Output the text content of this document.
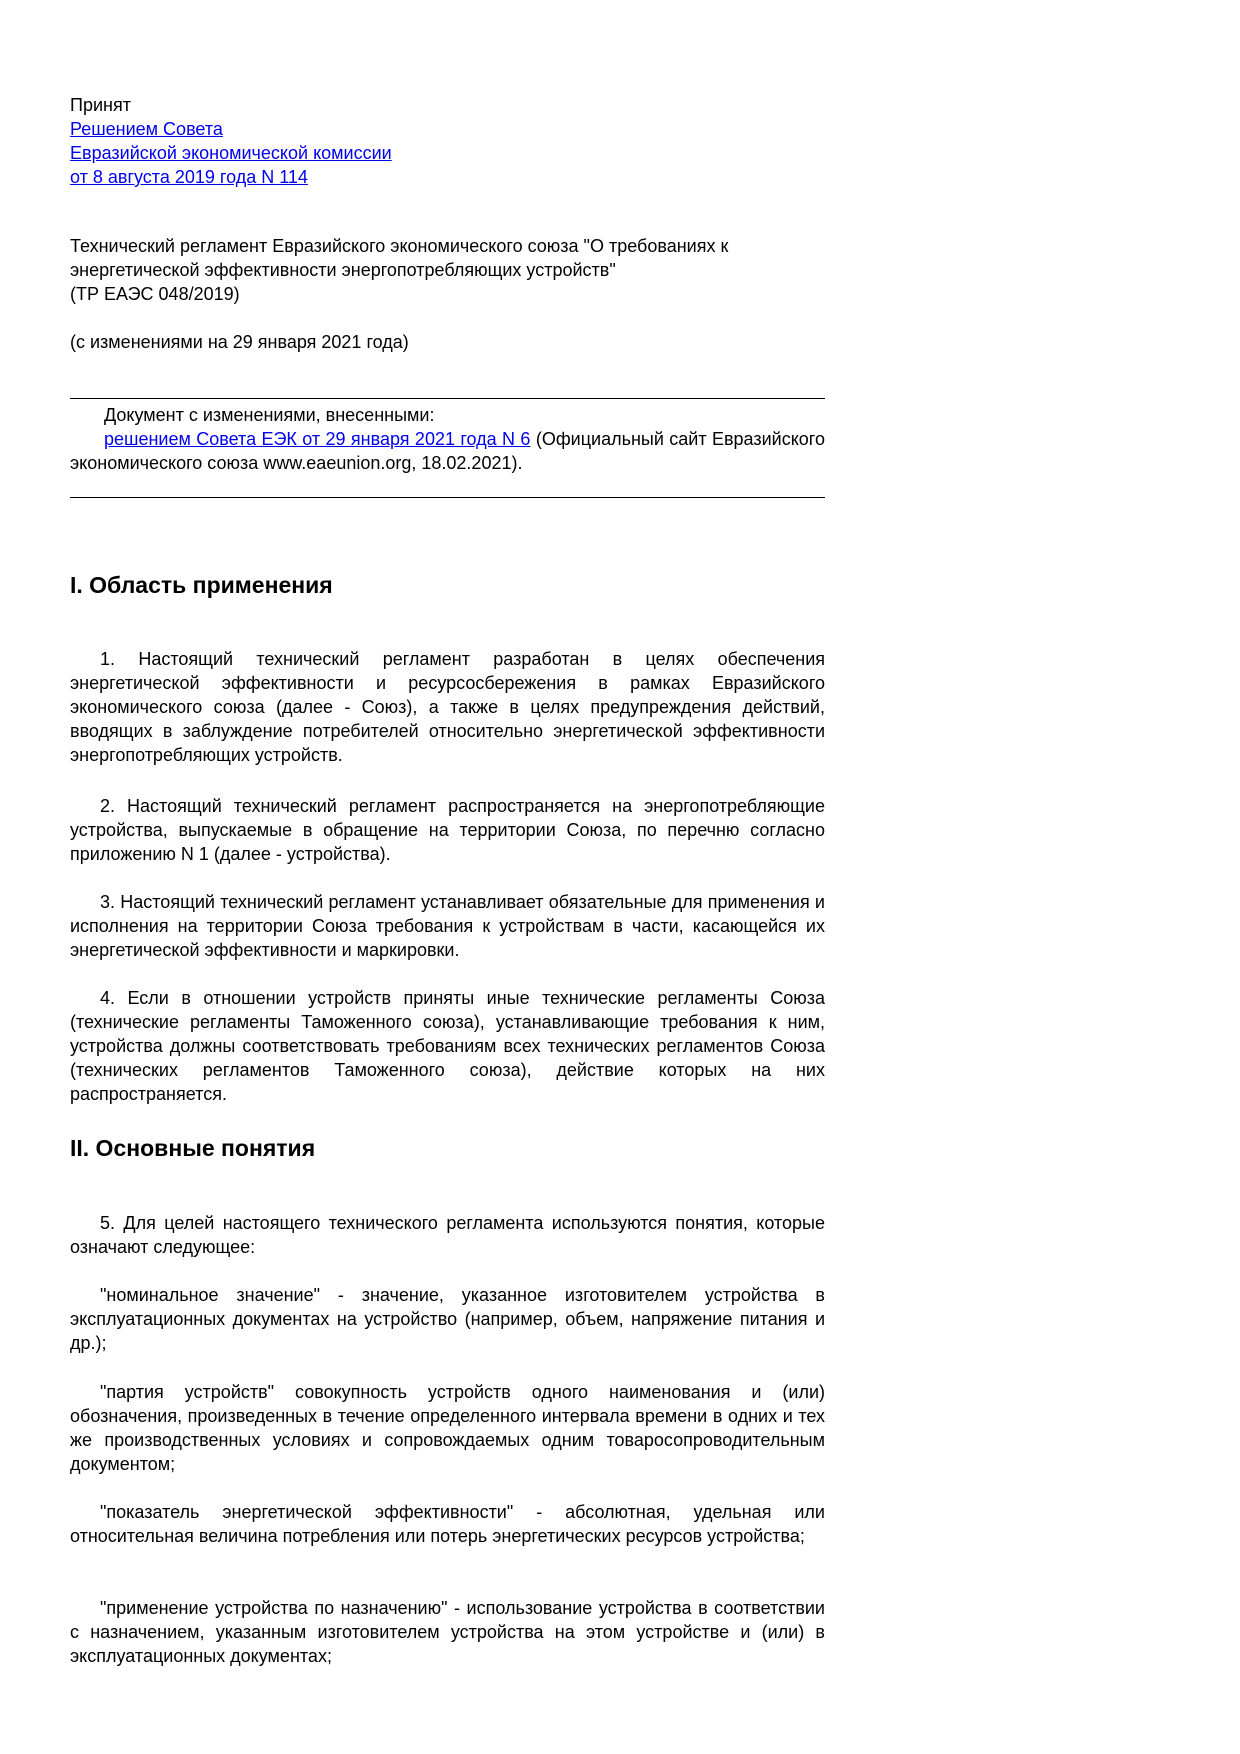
Принят
Решением Совета
Евразийской экономической комиссии
от 8 августа 2019 года N 114
Технический регламент Евразийского экономического союза "О требованиях к
энергетической эффективности энергопотребляющих устройств"
(ТР ЕАЭС 048/2019)
(с изменениями на 29 января 2021 года)
Документ с изменениями, внесенными:
решением Совета ЕЭК от 29 января 2021 года N 6 (Официальный сайт Евразийского экономического союза www.eaeunion.org, 18.02.2021).
I. Область применения

1. Настоящий технический регламент разработан в целях обеспечения энергетической эффективности и ресурсосбережения в рамках Евразийского экономического союза (далее - Союз), а также в целях предупреждения действий, вводящих в заблуждение потребителей относительно энергетической эффективности энергопотребляющих устройств.

2. Настоящий технический регламент распространяется на энергопотребляющие устройства, выпускаемые в обращение на территории Союза, по перечню согласно приложению N 1 (далее - устройства).

3. Настоящий технический регламент устанавливает обязательные для применения и исполнения на территории Союза требования к устройствам в части, касающейся их энергетической эффективности и маркировки.

4. Если в отношении устройств приняты иные технические регламенты Союза (технические регламенты Таможенного союза), устанавливающие требования к ним, устройства должны соответствовать требованиям всех технических регламентов Союза (технических регламентов Таможенного союза), действие которых на них распространяется.

II. Основные понятия

5. Для целей настоящего технического регламента используются понятия, которые означают следующее:

"номинальное значение" - значение, указанное изготовителем устройства в эксплуатационных документах на устройство (например, объем, напряжение питания и др.);

"партия устройств" совокупность устройств одного наименования и (или) обозначения, произведенных в течение определенного интервала времени в одних и тех же производственных условиях и сопровождаемых одним товаросопроводительным документом;

"показатель энергетической эффективности" - абсолютная, удельная или относительная величина потребления или потерь энергетических ресурсов устройства;

"применение устройства по назначению" - использование устройства в соответствии с назначением, указанным изготовителем устройства на этом устройстве и (или) в эксплуатационных документах;
